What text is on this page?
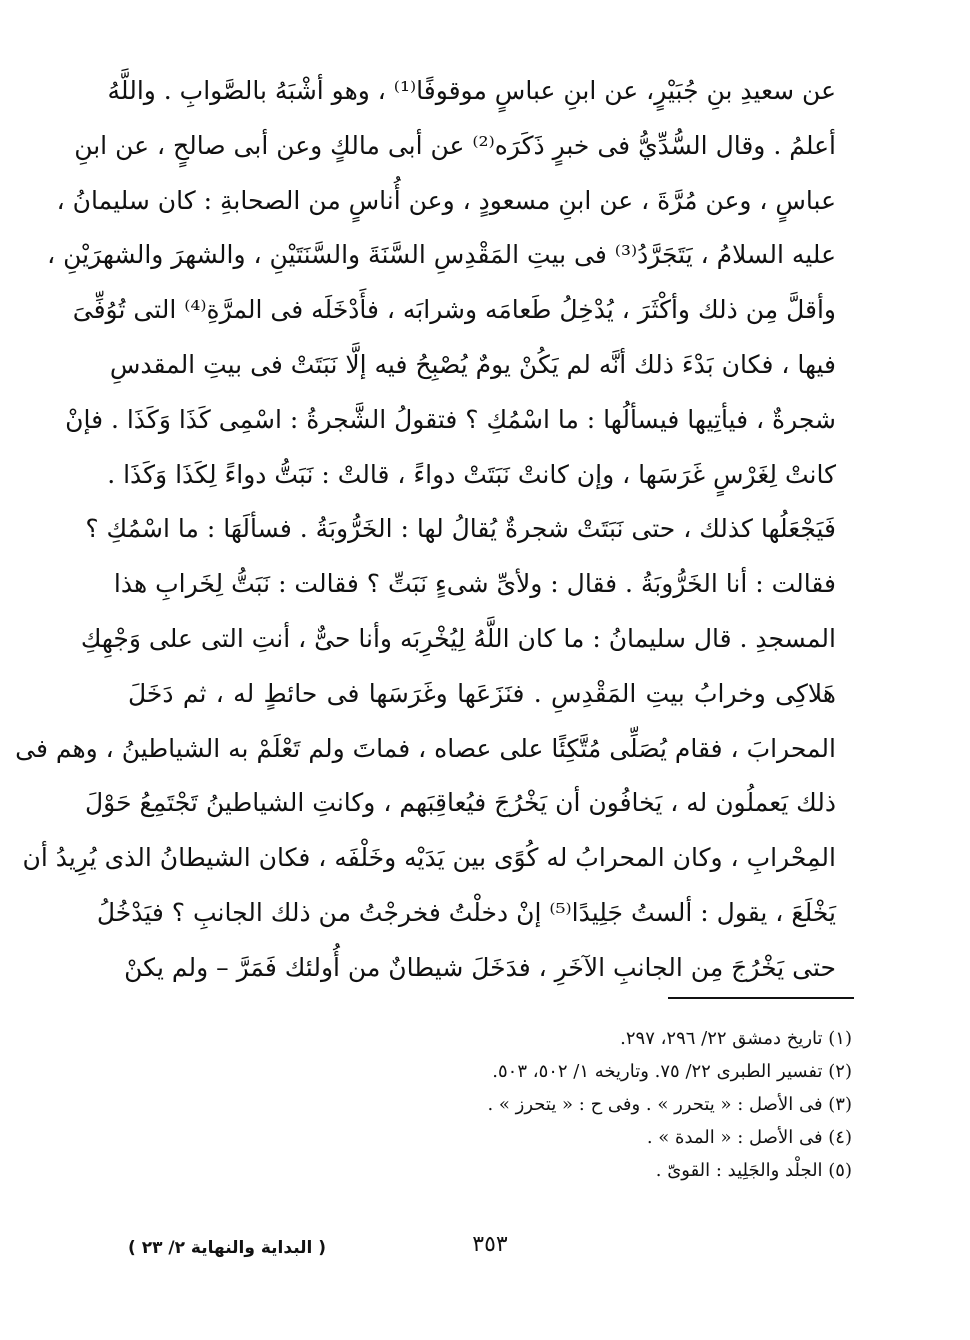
عن سعيدِ بنِ جُبَيْرٍ، عن ابنِ عباسٍ موقوفًا⁽¹⁾ ، وهو أشْبَهُ بالصَّوابِ . واللَّهُ
أعلمُ . وقال السُّدِّيُّ فى خبرٍ ذَكَرَه⁽²⁾ عن أبى مالكٍ وعن أبى صالحٍ ، عن ابنِ
عباسٍ ، وعن مُرَّةَ ، عن ابنِ مسعودٍ ، وعن أُناسٍ من الصحابةِ : كان سليمانُ ،
عليه السلامُ ، يَتَجَرَّدُ⁽³⁾ فى بيتِ المَقْدِسِ السَّنَةَ والسَّنَتَيْنِ ، والشهرَ والشهرَيْنِ ،
وأقلَّ مِن ذلك وأكْثَرَ ، يُدْخِلُ طَعامَه وشرابَه ، فأَدْخَلَه فى المرَّةِ⁽⁴⁾ التى تُوُفِّىَ
فيها ، فكان بَدْءَ ذلك أنَّه لم يَكُنْ يومٌ يُصْبِحُ فيه إلَّا نَبَتَتْ فى بيتِ المقدسِ
شجرةٌ ، فيأتِيها فيسألُها : ما اسْمُكِ ؟ فتقولُ الشَّجرةُ : اسْمِى كَذَا وَكَذَا . فإنْ
كانتْ لِغَرْسٍ غَرَسَها ، وإن كانتْ نَبَتَتْ دواءً ، قالتْ : نَبَتُّ دواءً لِكَذَا وَكَذَا .
فَيَجْعَلُها كذلك ، حتى نَبَتَتْ شجرةٌ يُقالُ لها : الخَرُّوبَةُ . فسألَهَا : ما اسْمُكِ ؟
فقالت : أنا الخَرُّوبَةُ . فقال : ولأىِّ شىءٍ نَبَتِّ ؟ فقالت : نَبَتُّ لِخَرابِ هذا
المسجدِ . قال سليمانُ : ما كان اللَّهُ لِيُخْرِبَه وأنا حىٌّ ، أنتِ التى على وَجْهِكِ
هَلاكِى وخرابُ بيتِ المَقْدِسِ . فنَزَعَها وغَرَسَها فى حائطٍ له ، ثم دَخَلَ
المحرابَ ، فقام يُصَلِّى مُتَّكِئًا على عصاه ، فماتَ ولم تَعْلَمْ به الشياطينُ ، وهم فى
ذلك يَعملُون له ، يَخافُون أن يَخْرُجَ فيُعاقِبَهم ، وكانتِ الشياطينُ تَجْتَمِعُ حَوْلَ
المِحْرابِ ، وكان المحرابُ له كُوًى بين يَدَيْه وخَلْفَه ، فكان الشيطانُ الذى يُرِيدُ أن
يَخْلَعَ ، يقول : ألستُ جَلِيدًا⁽⁵⁾ إنْ دخلْتُ فخرجْتُ من ذلك الجانبِ ؟ فيَدْخُلُ
حتى يَخْرُجَ مِن الجانبِ الآخَرِ ، فدَخَلَ شيطانٌ من أُولئك فَمَرَّ – ولم يكنْ
(١) تاريخ دمشق ٢٢/ ٢٩٦، ٢٩٧.
(٢) تفسير الطبرى ٢٢/ ٧٥. وتاريخه ١/ ٥٠٢، ٥٠٣.
(٣) فى الأصل : « يتحرر » . وفى ح : « يتحرز » .
(٤) فى الأصل : « المدة » .
(٥) الجلْد والجَلِيد : القوىّ .
٣٥٣
( البداية والنهاية ٢/ ٢٣ )
